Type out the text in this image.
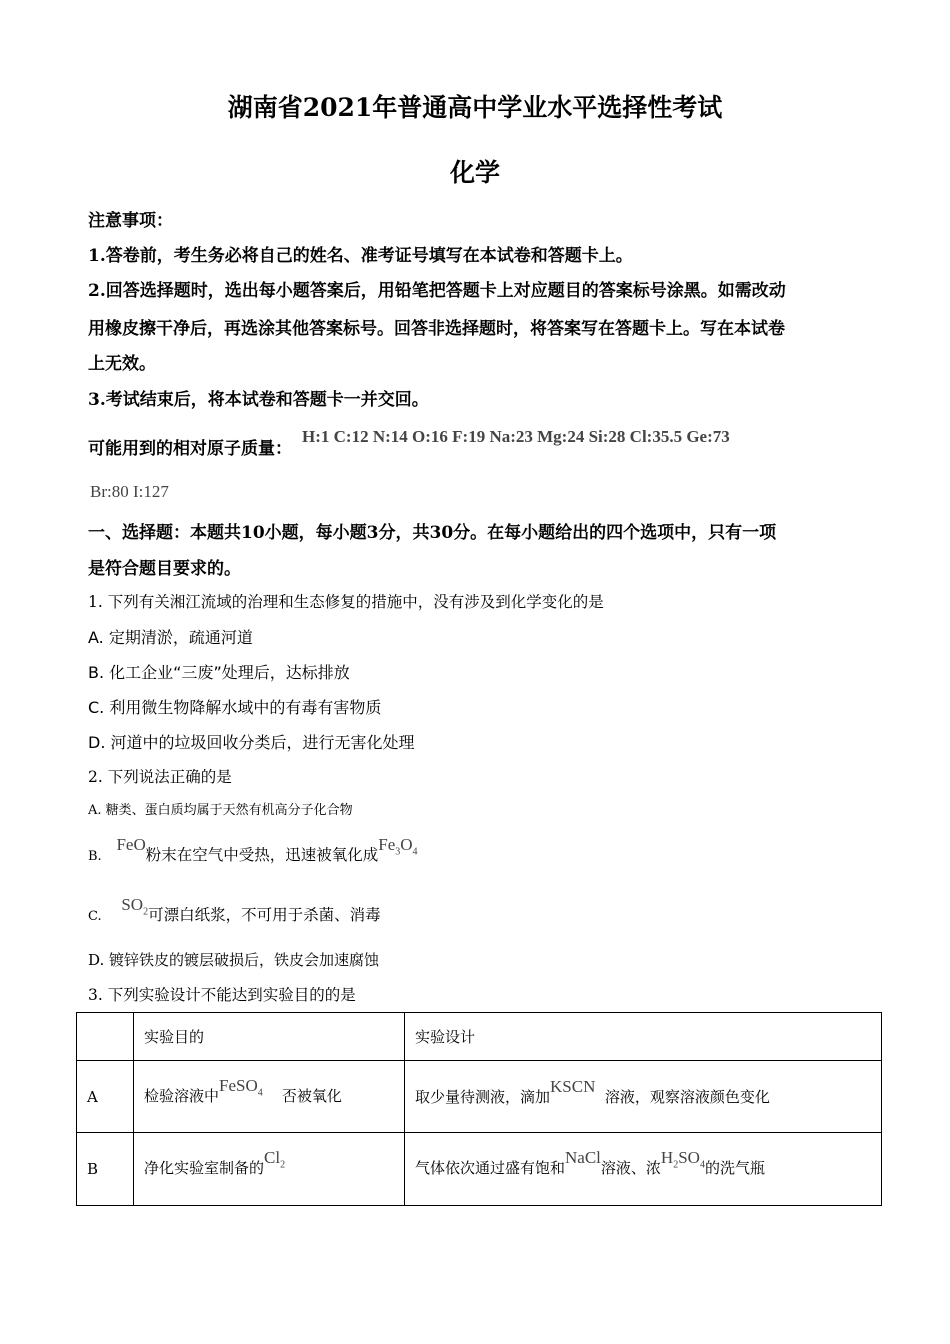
湖南省2021年普通高中学业水平选择性考试
化学
注意事项：
1.答卷前，考生务必将自己的姓名、准考证号填写在本试卷和答题卡上。
2.回答选择题时，选出每小题答案后，用铅笔把答题卡上对应题目的答案标号涂黑。如需改动
用橡皮擦干净后，再选涂其他答案标号。回答非选择题时，将答案写在答题卡上。写在本试卷
上无效。
3.考试结束后，将本试卷和答题卡一并交回。
可能用到的相对原子质量：H:1 C:12 N:14 O:16 F:19 Na:23 Mg:24 Si:28 Cl:35.5 Ge:73
Br:80 I:127
一、选择题：本题共10小题，每小题3分，共30分。在每小题给出的四个选项中，只有一项
是符合题目要求的。
1. 下列有关湘江流域的治理和生态修复的措施中，没有涉及到化学变化的是
A. 定期清淤，疏通河道
B. 化工企业“三废”处理后，达标排放
C. 利用微生物降解水域中的有毒有害物质
D. 河道中的垃圾回收分类后，进行无害化处理
2. 下列说法正确的是
A. 糖类、蛋白质均属于天然有机高分子化合物
B.   FeO粉末在空气中受热，迅速被氧化成$Fe_3O_4$
C.    $SO_2$可漂白纸浆，不可用于杀菌、消毒
D. 镀锌铁皮的镀层破损后，铁皮会加速腐蚀
3. 下列实验设计不能达到实验目的的是
	实验目的	实验设计
A	检验溶液中FeSO$_4$ 否被氧化	取少量待测液，滴加KSCN  溶液，观察溶液颜色变化
B	净化实验室制备的$Cl_2$	气体依次通过盛有饱和NaCl溶液、浓$H_2SO_4$的洗气瓶
